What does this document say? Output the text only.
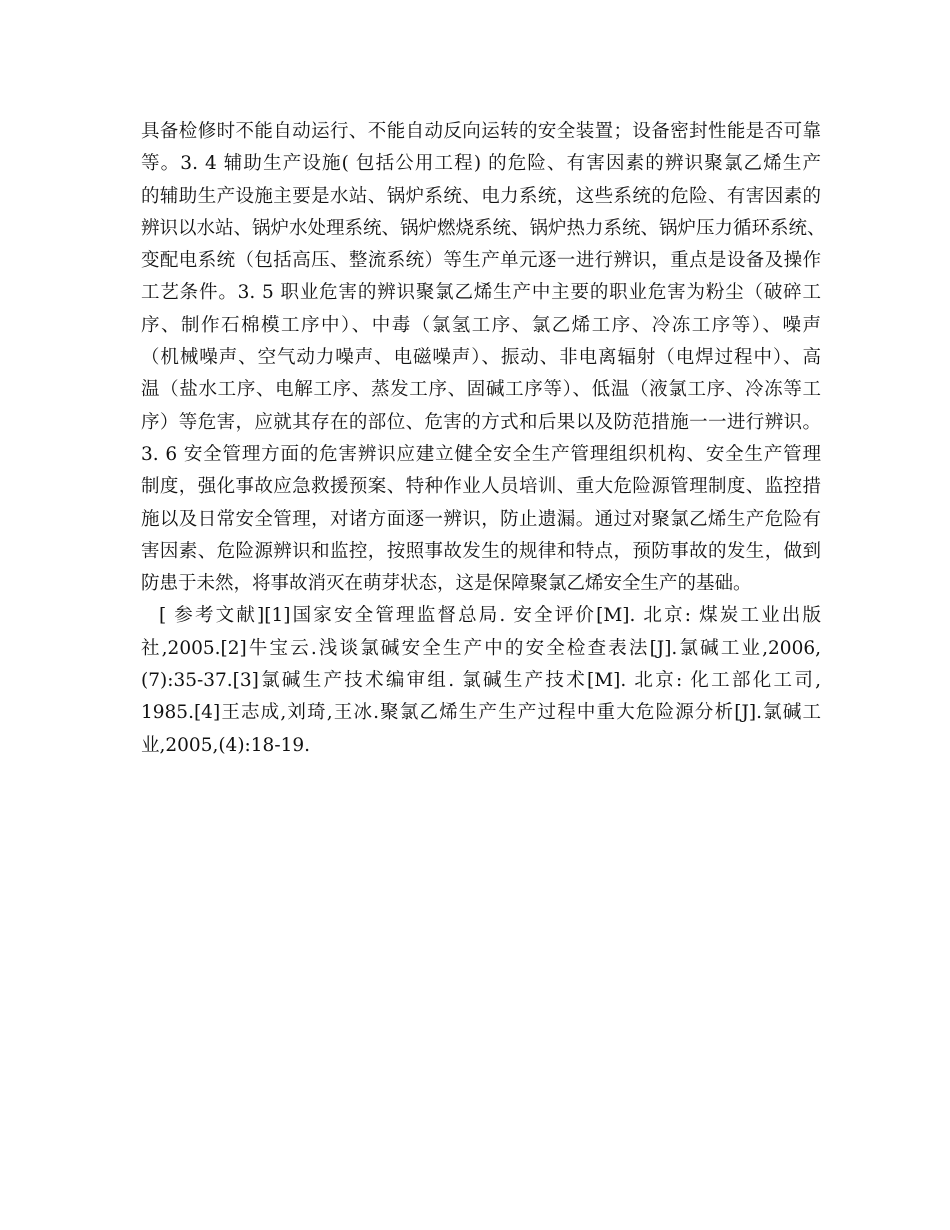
具备检修时不能自动运行、不能自动反向运转的安全装置；设备密封性能是否可靠
等。3. 4 辅助生产设施( 包括公用工程) 的危险、有害因素的辨识聚氯乙烯生产
的辅助生产设施主要是水站、锅炉系统、电力系统，这些系统的危险、有害因素的
辨识以水站、锅炉水处理系统、锅炉燃烧系统、锅炉热力系统、锅炉压力循环系统、
变配电系统（包括高压、整流系统）等生产单元逐一进行辨识，重点是设备及操作
工艺条件。3. 5 职业危害的辨识聚氯乙烯生产中主要的职业危害为粉尘（破碎工
序、制作石棉模工序中）、中毒（氯氢工序、氯乙烯工序、冷冻工序等）、噪声
（机械噪声、空气动力噪声、电磁噪声）、振动、非电离辐射（电焊过程中）、高
温（盐水工序、电解工序、蒸发工序、固碱工序等）、低温（液氯工序、冷冻等工
序）等危害，应就其存在的部位、危害的方式和后果以及防范措施一一进行辨识。
3. 6 安全管理方面的危害辨识应建立健全安全生产管理组织机构、安全生产管理
制度，强化事故应急救援预案、特种作业人员培训、重大危险源管理制度、监控措
施以及日常安全管理，对诸方面逐一辨识，防止遗漏。通过对聚氯乙烯生产危险有
害因素、危险源辨识和监控，按照事故发生的规律和特点，预防事故的发生，做到
防患于未然，将事故消灭在萌芽状态，这是保障聚氯乙烯安全生产的基础。
[ 参考文献][1]国家安全管理监督总局. 安全评价[M]. 北京: 煤炭工业出版
社,2005.[2]牛宝云.浅谈氯碱安全生产中的安全检查表法[J].氯碱工业,2006,
(7):35-37.[3]氯碱生产技术编审组. 氯碱生产技术[M]. 北京: 化工部化工司,
1985.[4]王志成,刘琦,王冰.聚氯乙烯生产生产过程中重大危险源分析[J].氯碱工
业,2005,(4):18-19.
